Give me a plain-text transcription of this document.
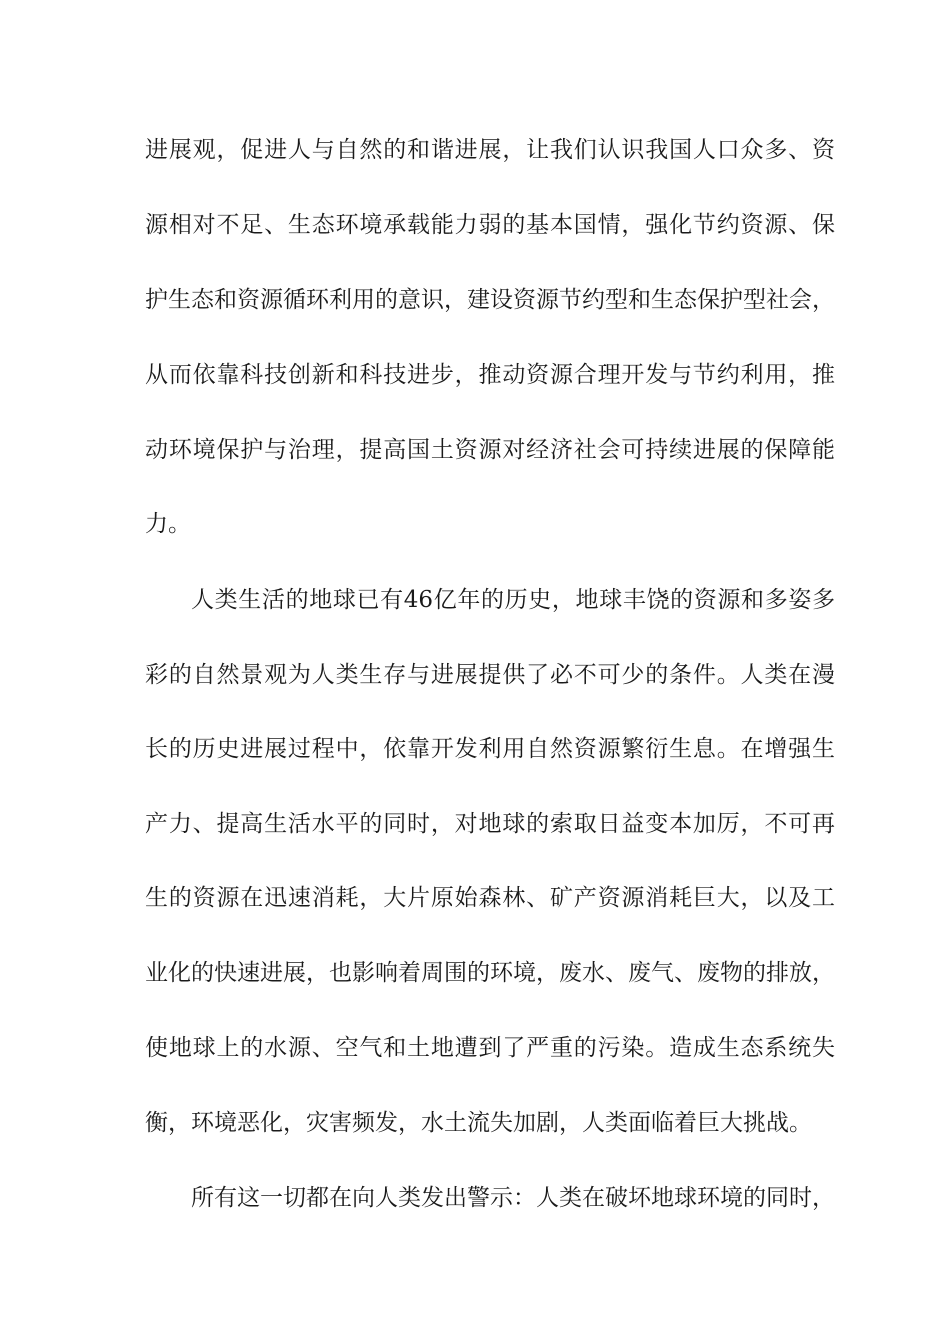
进展观，促进人与自然的和谐进展，让我们认识我国人口众多、资
源相对不足、生态环境承载能力弱的基本国情，强化节约资源、保
护生态和资源循环利用的意识，建设资源节约型和生态保护型社会，
从而依靠科技创新和科技进步，推动资源合理开发与节约利用，推
动环境保护与治理，提高国土资源对经济社会可持续进展的保障能
力。
人类生活的地球已有46亿年的历史，地球丰饶的资源和多姿多
彩的自然景观为人类生存与进展提供了必不可少的条件。人类在漫
长的历史进展过程中，依靠开发利用自然资源繁衍生息。在增强生
产力、提高生活水平的同时，对地球的索取日益变本加厉，不可再
生的资源在迅速消耗，大片原始森林、矿产资源消耗巨大，以及工
业化的快速进展，也影响着周围的环境，废水、废气、废物的排放，
使地球上的水源、空气和土地遭到了严重的污染。造成生态系统失
衡，环境恶化，灾害频发，水土流失加剧，人类面临着巨大挑战。
所有这一切都在向人类发出警示：人类在破坏地球环境的同时，
